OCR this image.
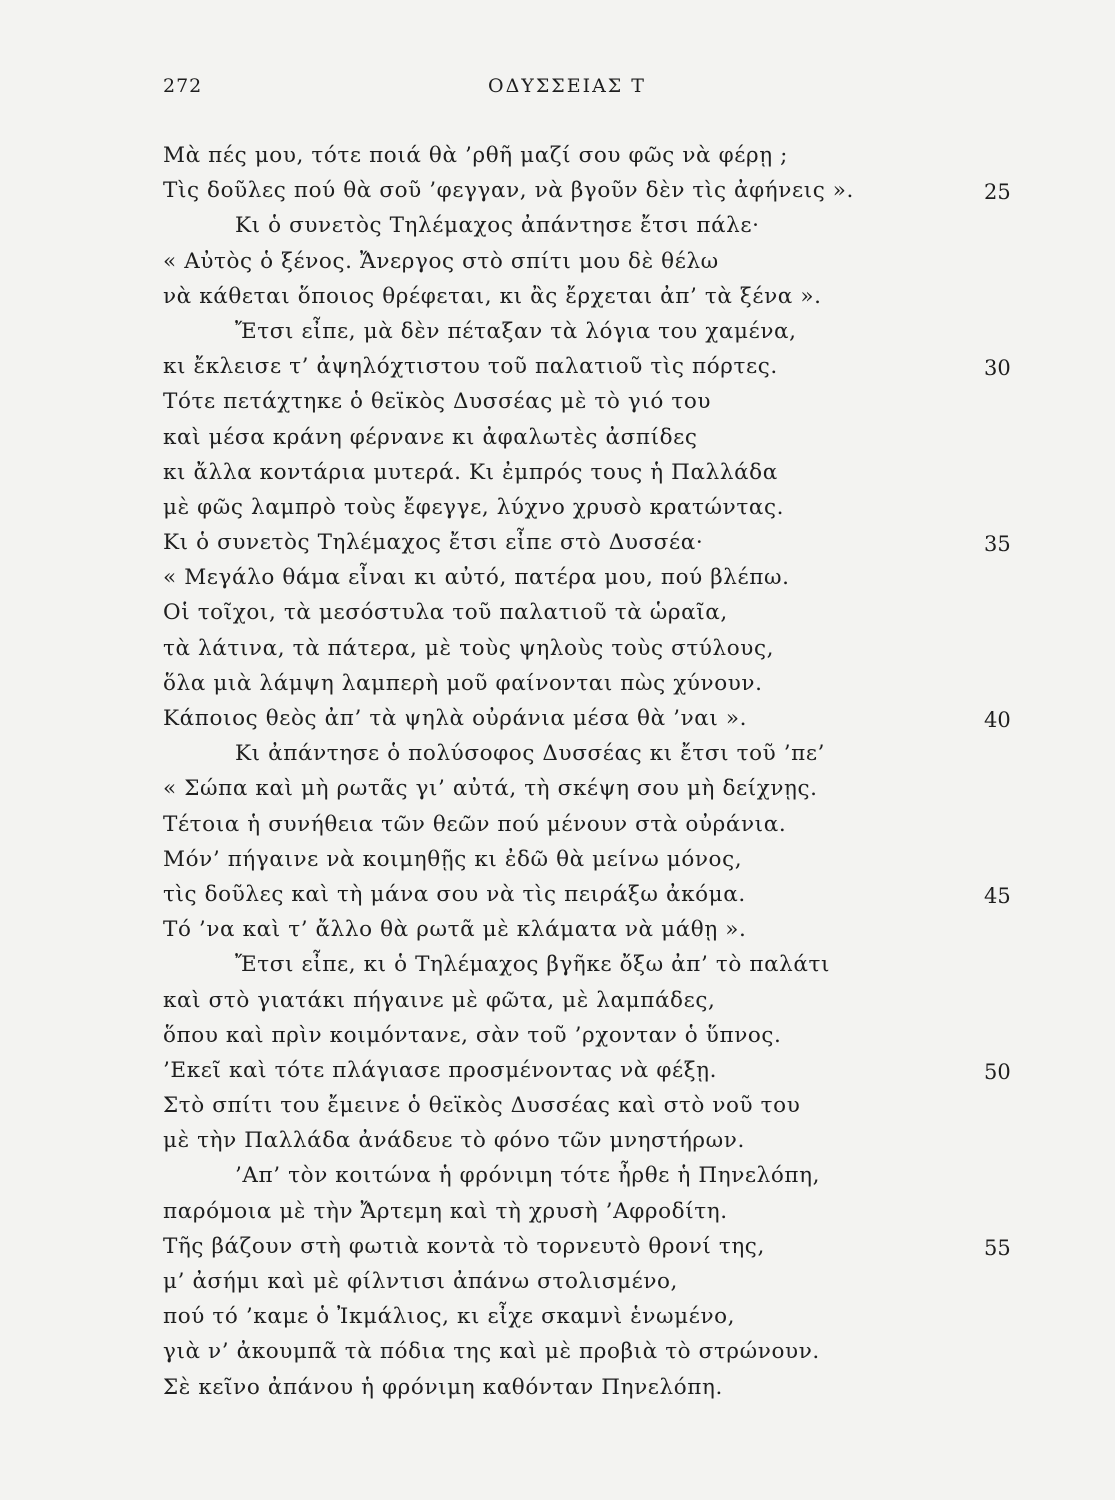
272	ΟΔΥΣΣΕΙΑΣ Τ
Μὰ πές μου, τότε ποιά θὰ ’ρθῆ μαζί σου φῶς νὰ φέρῃ ;
Τὶς δοῦλες πού θὰ σοῦ ’φεγγαν, νὰ βγοῦν δὲν τὶς ἀφήνεις ».
Κι ὁ συνετὸς Τηλέμαχος ἀπάντησε ἔτσι πάλε·
« Αὐτὸς ὁ ξένος. Ἄνεργος στὸ σπίτι μου δὲ θέλω
νὰ κάθεται ὅποιος θρέφεται, κι ἂς ἔρχεται ἀπ’ τὰ ξένα ».
Ἔτσι εἶπε, μὰ δὲν πέταξαν τὰ λόγια του χαμένα,
κι ἔκλεισε τ’ ἀψηλόχτιστου τοῦ παλατιοῦ τὶς πόρτες.
Τότε πετάχτηκε ὁ θεϊκὸς Δυσσέας μὲ τὸ γιό του
καὶ μέσα κράνη φέρνανε κι ἀφαλωτὲς ἀσπίδες
κι ἄλλα κοντάρια μυτερά. Κι ἐμπρός τους ἡ Παλλάδα
μὲ φῶς λαμπρὸ τοὺς ἔφεγγε, λύχνο χρυσὸ κρατώντας.
Κι ὁ συνετὸς Τηλέμαχος ἔτσι εἶπε στὸ Δυσσέα·
« Μεγάλο θάμα εἶναι κι αὐτό, πατέρα μου, πού βλέπω.
Οἱ τοῖχοι, τὰ μεσόστυλα τοῦ παλατιοῦ τὰ ὡραῖα,
τὰ λάτινα, τὰ πάτερα, μὲ τοὺς ψηλοὺς τοὺς στύλους,
ὅλα μιὰ λάμψη λαμπερὴ μοῦ φαίνονται πὼς χύνουν.
Κάποιος θεὸς ἀπ’ τὰ ψηλὰ οὐράνια μέσα θὰ ’ναι ».
Κι ἀπάντησε ὁ πολύσοφος Δυσσέας κι ἔτσι τοῦ ’πε’
« Σώπα καὶ μὴ ρωτᾶς γι’ αὐτά, τὴ σκέψη σου μὴ δείχνῃς.
Τέτοια ἡ συνήθεια τῶν θεῶν πού μένουν στὰ οὐράνια.
Μόν’ πήγαινε νὰ κοιμηθῇς κι ἐδῶ θὰ μείνω μόνος,
τὶς δοῦλες καὶ τὴ μάνα σου νὰ τὶς πειράξω ἀκόμα.
Τό ’να καὶ τ’ ἄλλο θὰ ρωτᾶ μὲ κλάματα νὰ μάθῃ ».
Ἔτσι εἶπε, κι ὁ Τηλέμαχος βγῆκε ὄξω ἀπ’ τὸ παλάτι
καὶ στὸ γιατάκι πήγαινε μὲ φῶτα, μὲ λαμπάδες,
ὅπου καὶ πρὶν κοιμόντανε, σὰν τοῦ ’ρχονταν ὁ ὕπνος.
’Εκεῖ καὶ τότε πλάγιασε προσμένοντας νὰ φέξῃ.
Στὸ σπίτι του ἔμεινε ὁ θεϊκὸς Δυσσέας καὶ στὸ νοῦ του
μὲ τὴν Παλλάδα ἀνάδευε τὸ φόνο τῶν μνηστήρων.
’Απ’ τὸν κοιτώνα ἡ φρόνιμη τότε ἦρθε ἡ Πηνελόπη,
παρόμοια μὲ τὴν Ἄρτεμη καὶ τὴ χρυσὴ ’Αφροδίτη.
Τῆς βάζουν στὴ φωτιὰ κοντὰ τὸ τορνευτὸ θρονί της,
μ’ ἀσήμι καὶ μὲ φίλντισι ἀπάνω στολισμένο,
πού τό ’καμε ὁ Ἰκμάλιος, κι εἶχε σκαμνὶ ἑνωμένο,
γιὰ ν’ ἀκουμπᾶ τὰ πόδια της καὶ μὲ προβιὰ τὸ στρώνουν.
Σὲ κεῖνο ἀπάνου ἡ φρόνιμη καθόνταν Πηνελόπη.
25
30
35
40
45
50
55
